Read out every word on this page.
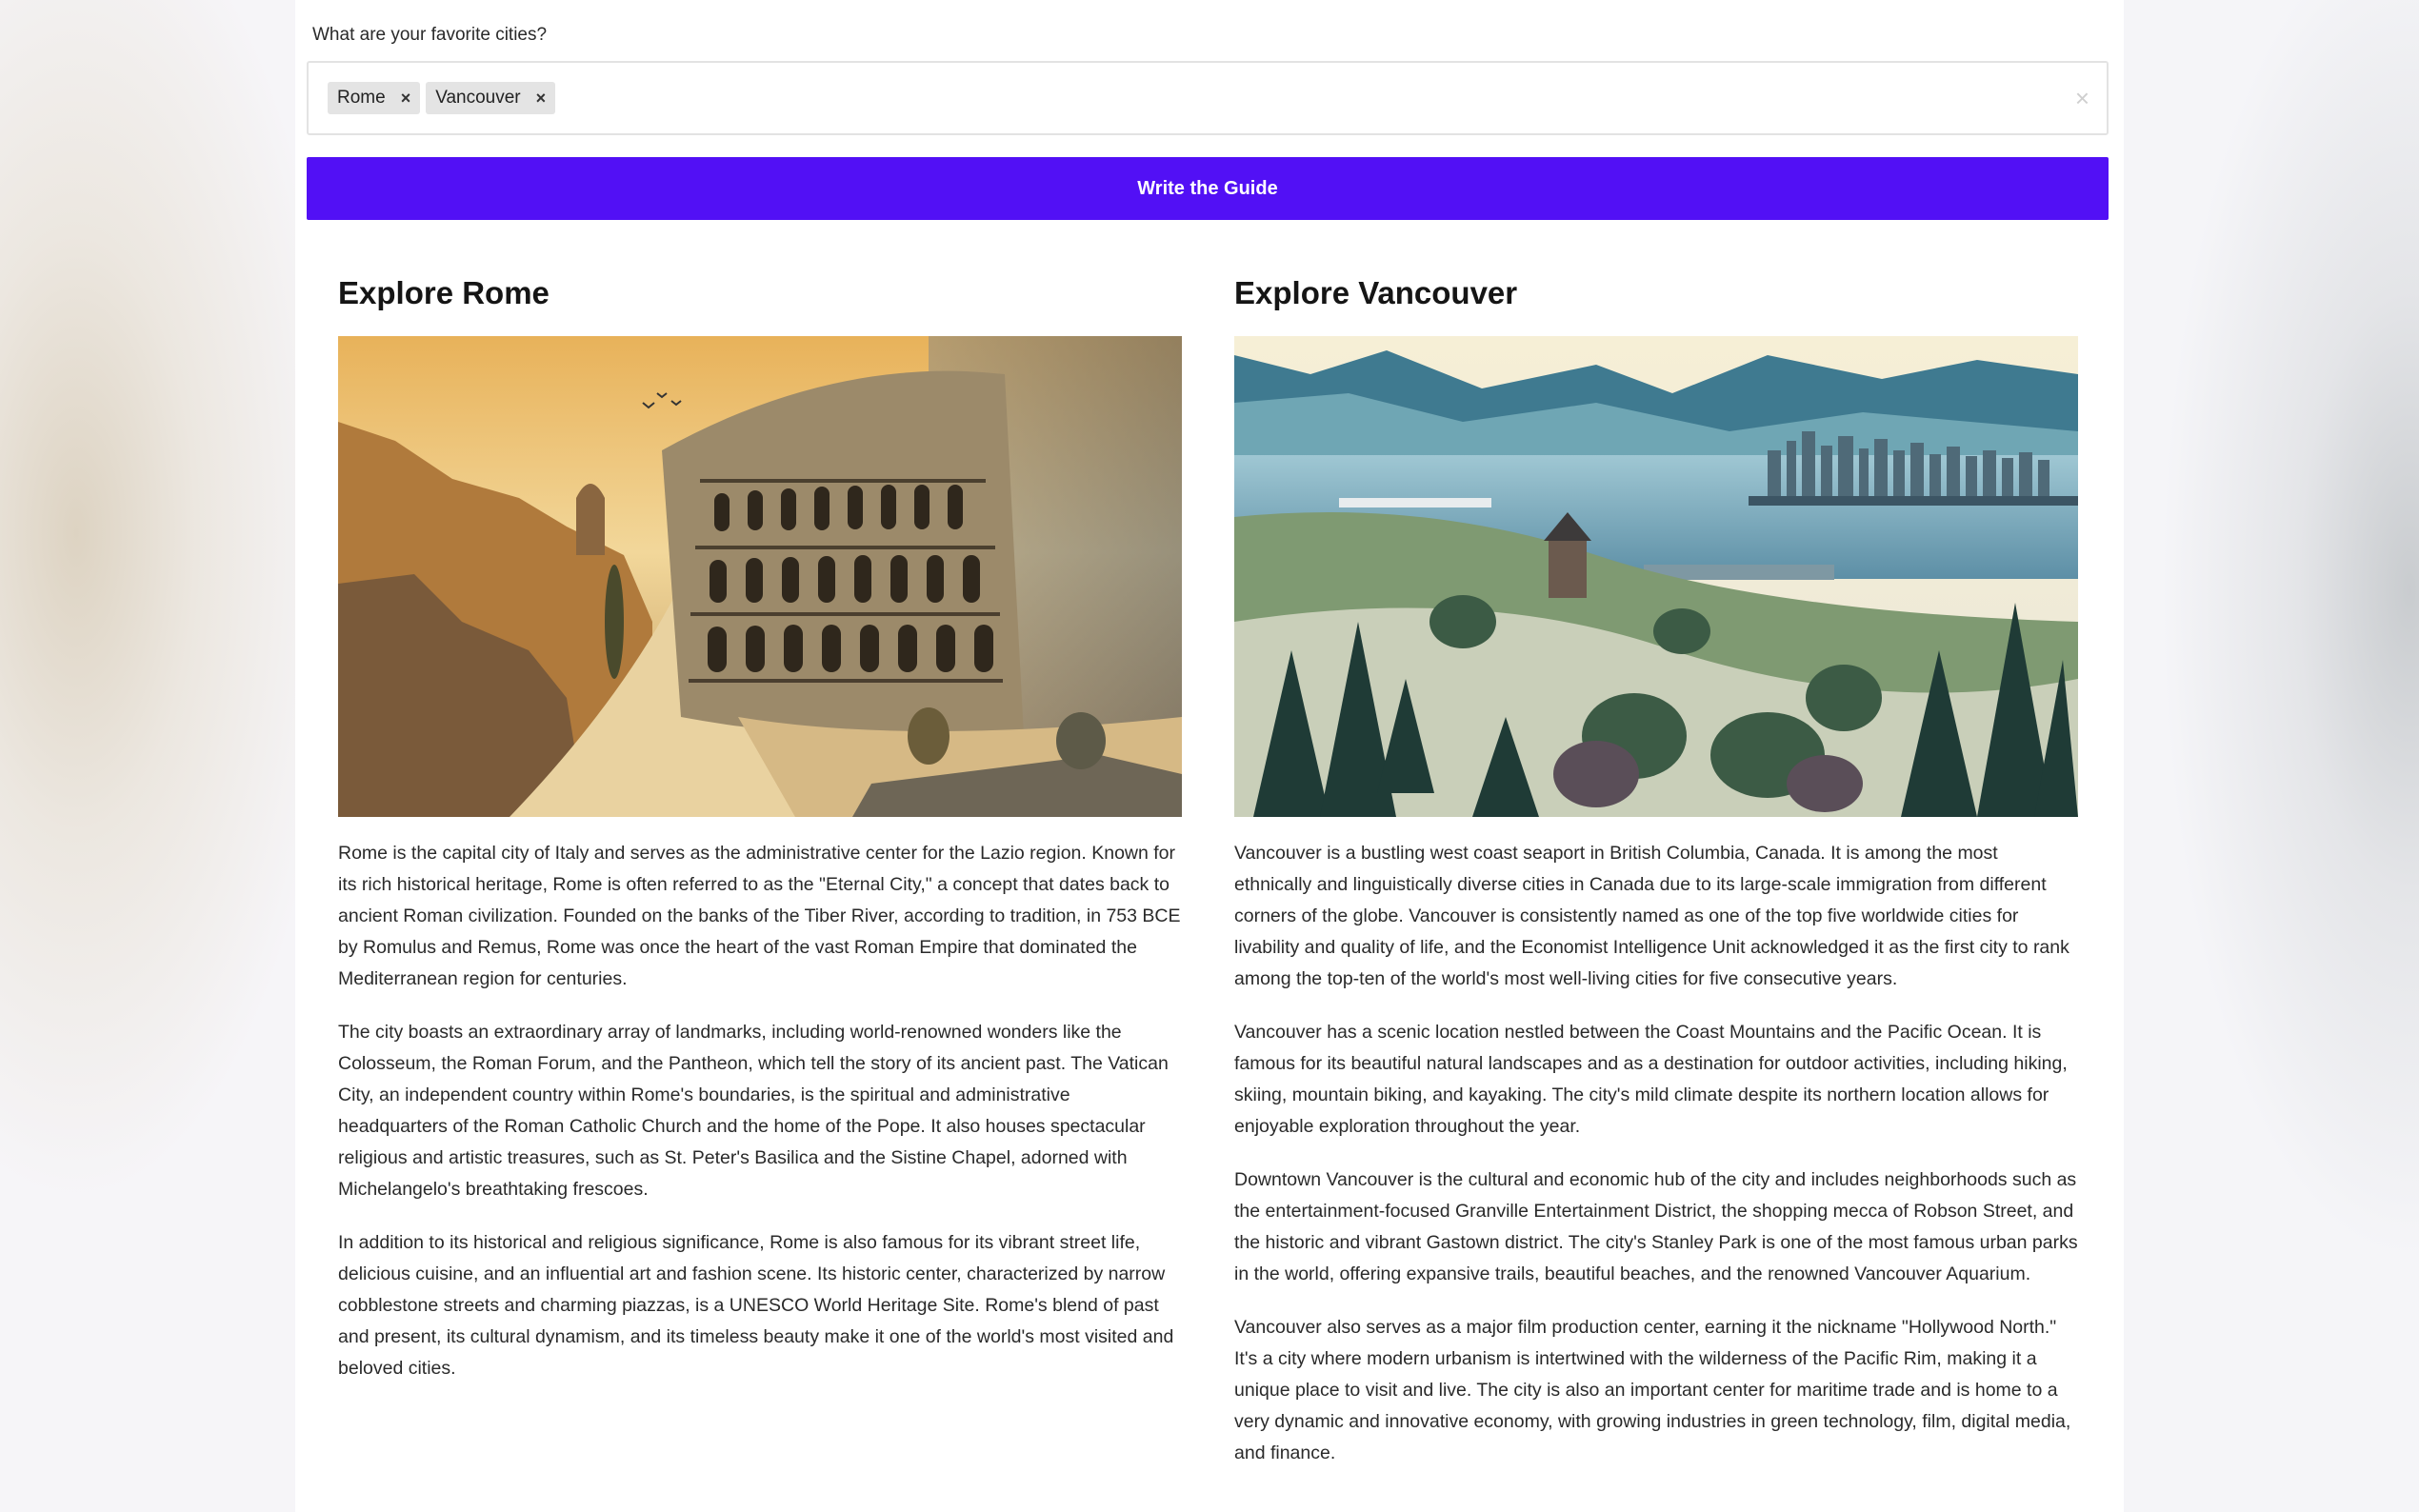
What are your favorite cities?
Rome × Vancouver ×	×
Write the Guide
Explore Rome

Rome is the capital city of Italy and serves as the administrative center for the Lazio region. Known for its rich historical heritage, Rome is often referred to as the "Eternal City," a concept that dates back to ancient Roman civilization. Founded on the banks of the Tiber River, according to tradition, in 753 BCE by Romulus and Remus, Rome was once the heart of the vast Roman Empire that dominated the Mediterranean region for centuries.

The city boasts an extraordinary array of landmarks, including world-renowned wonders like the Colosseum, the Roman Forum, and the Pantheon, which tell the story of its ancient past. The Vatican City, an independent country within Rome's boundaries, is the spiritual and administrative headquarters of the Roman Catholic Church and the home of the Pope. It also houses spectacular religious and artistic treasures, such as St. Peter's Basilica and the Sistine Chapel, adorned with Michelangelo's breathtaking frescoes.

In addition to its historical and religious significance, Rome is also famous for its vibrant street life, delicious cuisine, and an influential art and fashion scene. Its historic center, characterized by narrow cobblestone streets and charming piazzas, is a UNESCO World Heritage Site. Rome's blend of past and present, its cultural dynamism, and its timeless beauty make it one of the world's most visited and beloved cities.

Explore Vancouver

Vancouver is a bustling west coast seaport in British Columbia, Canada. It is among the most ethnically and linguistically diverse cities in Canada due to its large-scale immigration from different corners of the globe. Vancouver is consistently named as one of the top five worldwide cities for livability and quality of life, and the Economist Intelligence Unit acknowledged it as the first city to rank among the top-ten of the world's most well-living cities for five consecutive years.

Vancouver has a scenic location nestled between the Coast Mountains and the Pacific Ocean. It is famous for its beautiful natural landscapes and as a destination for outdoor activities, including hiking, skiing, mountain biking, and kayaking. The city's mild climate despite its northern location allows for enjoyable exploration throughout the year.

Downtown Vancouver is the cultural and economic hub of the city and includes neighborhoods such as the entertainment-focused Granville Entertainment District, the shopping mecca of Robson Street, and the historic and vibrant Gastown district. The city's Stanley Park is one of the most famous urban parks in the world, offering expansive trails, beautiful beaches, and the renowned Vancouver Aquarium.

Vancouver also serves as a major film production center, earning it the nickname "Hollywood North." It's a city where modern urbanism is intertwined with the wilderness of the Pacific Rim, making it a unique place to visit and live. The city is also an important center for maritime trade and is home to a very dynamic and innovative economy, with growing industries in green technology, film, digital media, and finance.
